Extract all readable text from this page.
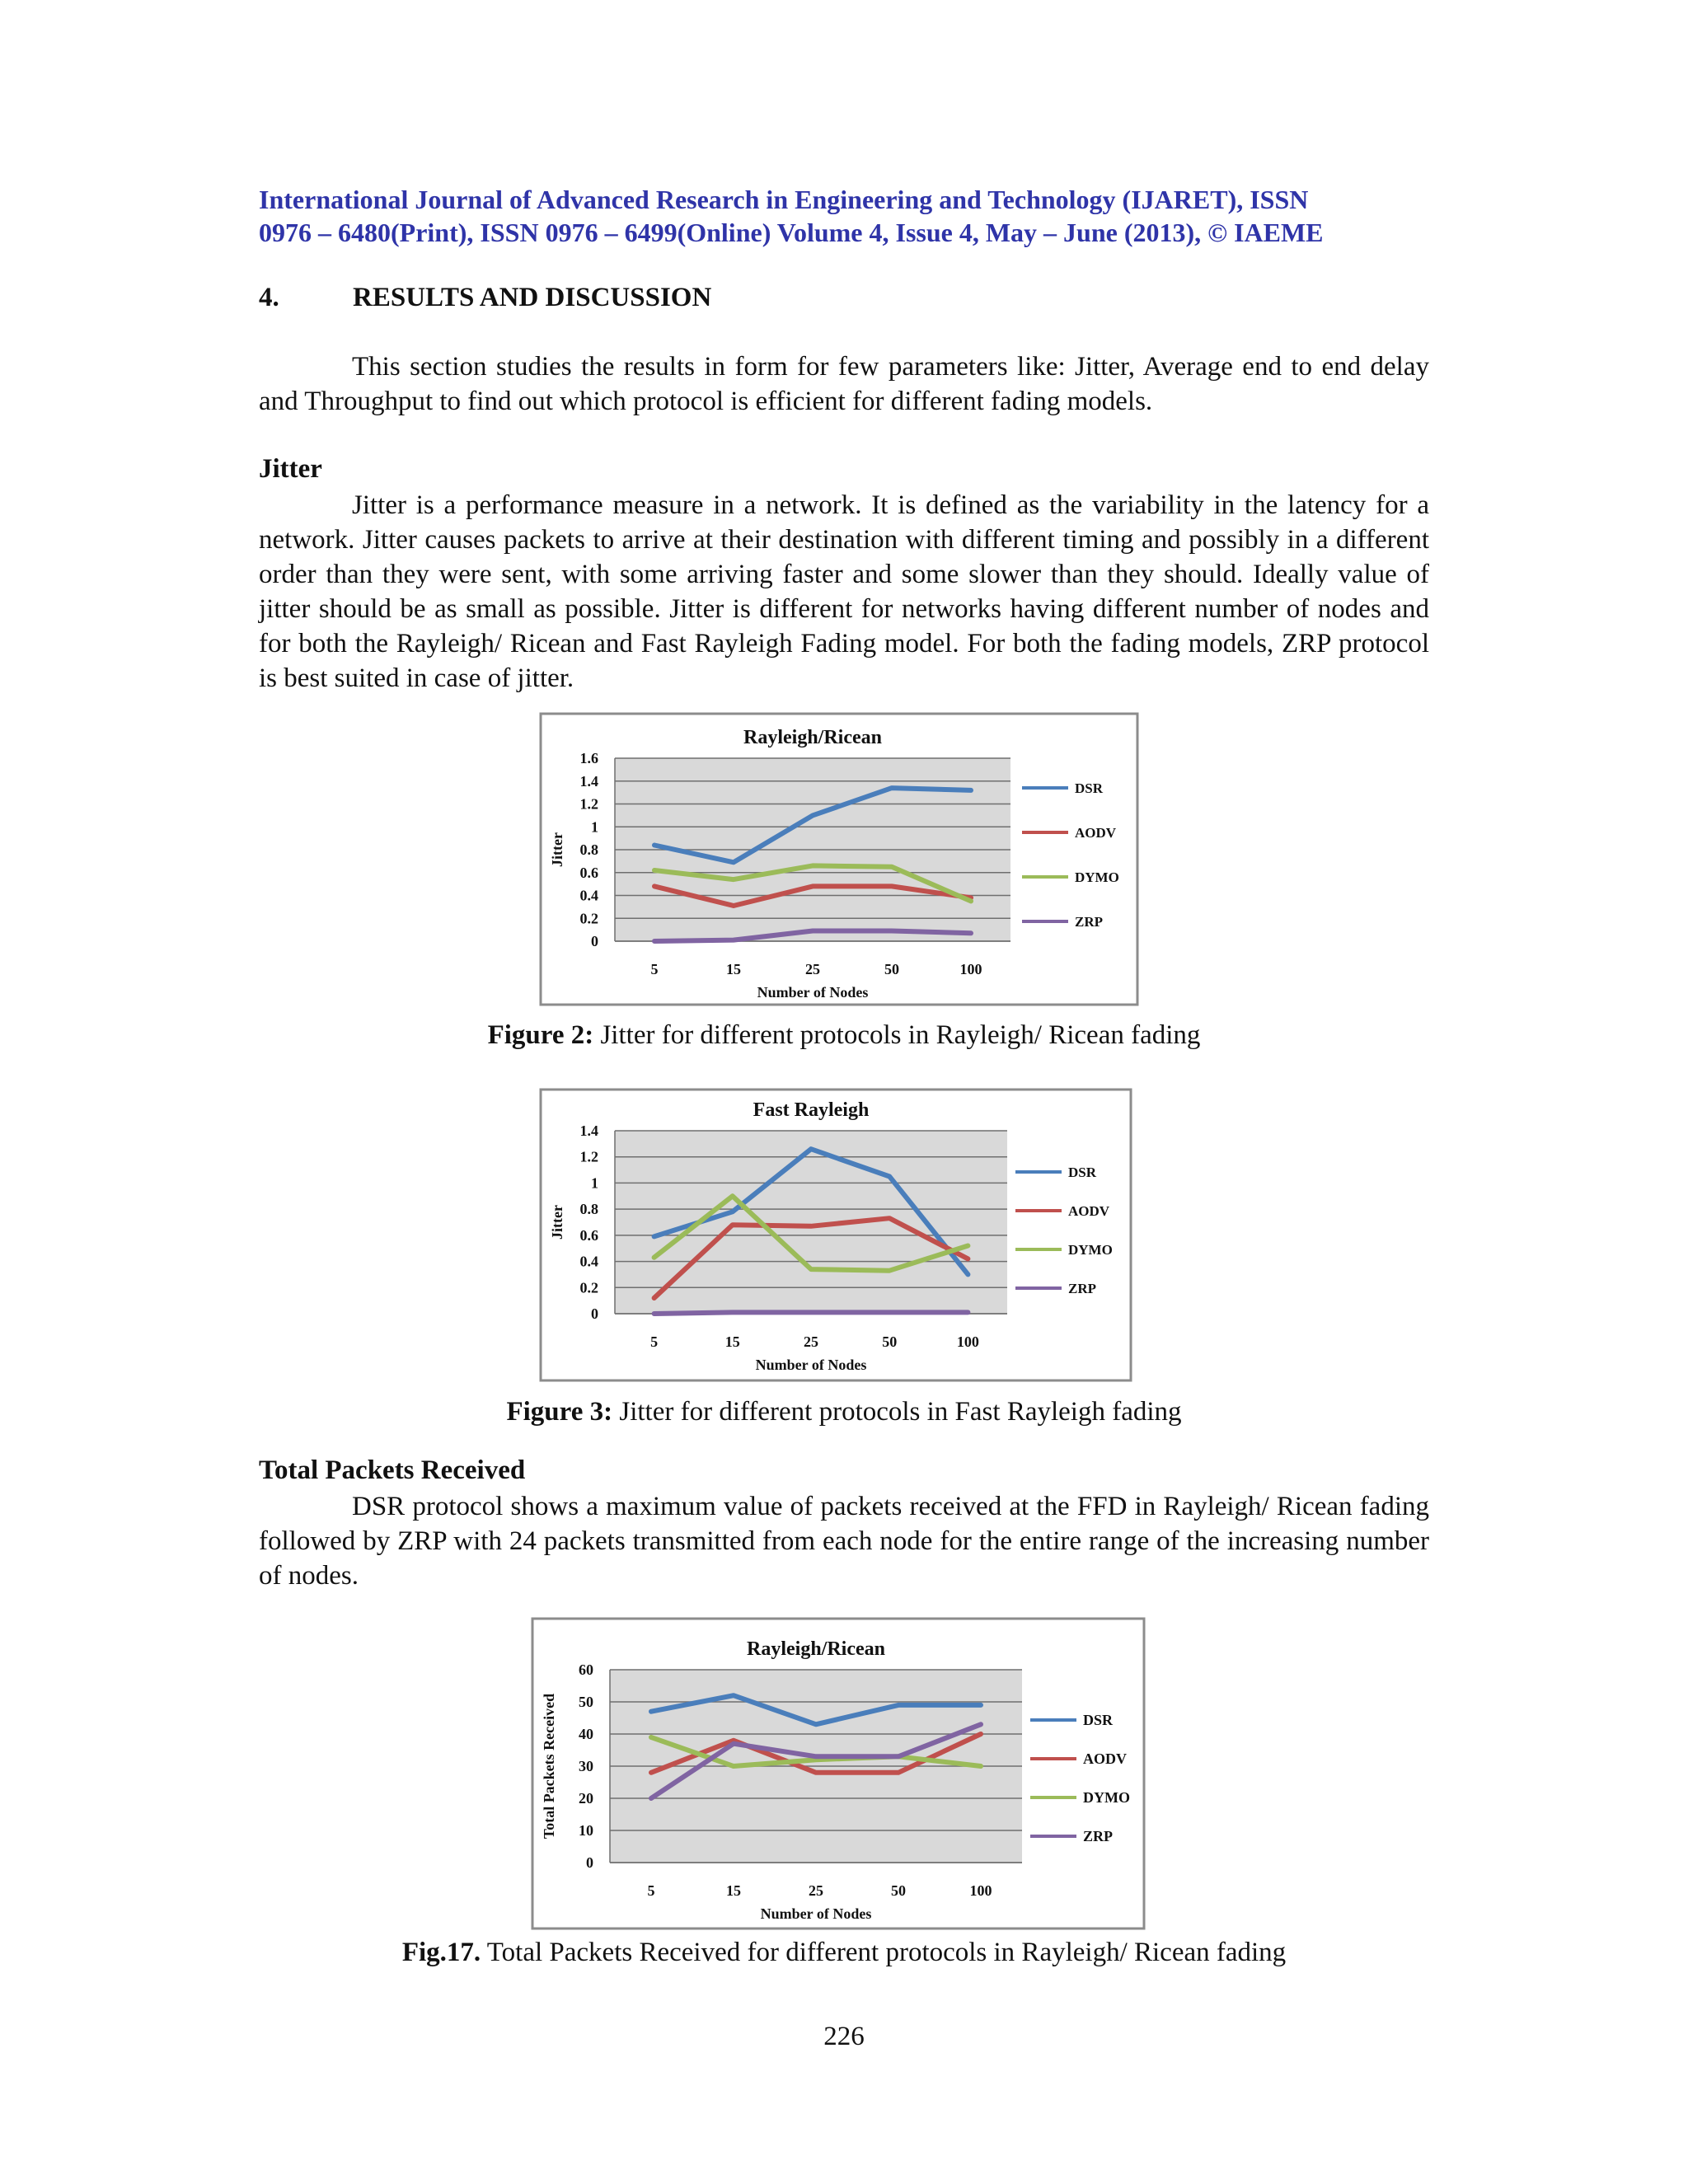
International Journal of Advanced Research in Engineering and Technology (IJARET), ISSN
0976 – 6480(Print), ISSN 0976 – 6499(Online) Volume 4, Issue 4, May – June (2013), © IAEME
4.	RESULTS AND DISCUSSION
This section studies the results in form for few parameters like: Jitter, Average end to end delay and Throughput to find out which protocol is efficient for different fading models.
Jitter
Jitter is a performance measure in a network. It is defined as the variability in the latency for a network. Jitter causes packets to arrive at their destination with different timing and possibly in a different order than they were sent, with some arriving faster and some slower than they should. Ideally value of jitter should be as small as possible. Jitter is different for networks having different number of nodes and for both the Rayleigh/ Ricean and Fast Rayleigh Fading model. For both the fading models, ZRP protocol is best suited in case of jitter.
0
0.2
0.4
0.6
0.8
1
1.2
1.4
1.6
5	15	25	50	100
Rayleigh/Ricean
Number of Nodes
Jitter
DSR
AODV
DYMO
ZRP
Figure 2: Jitter for different protocols in Rayleigh/ Ricean fading
0
0.2
0.4
0.6
0.8
1
1.2
1.4
5	15	25	50	100
Fast Rayleigh
Number of Nodes
Jitter
DSR
AODV
DYMO
ZRP
Figure 3: Jitter for different protocols in Fast Rayleigh fading
Total Packets Received
DSR protocol shows a maximum value of packets received at the FFD in Rayleigh/ Ricean fading followed by ZRP with 24 packets transmitted from each node for the entire range of the increasing number of nodes.
0
10
20
30
40
50
60
5	15	25	50	100
Rayleigh/Ricean
Number of Nodes
Total Packets Received	DSR
AODV
DYMO
ZRP
Fig.17. Total Packets Received for different protocols in Rayleigh/ Ricean fading
226
